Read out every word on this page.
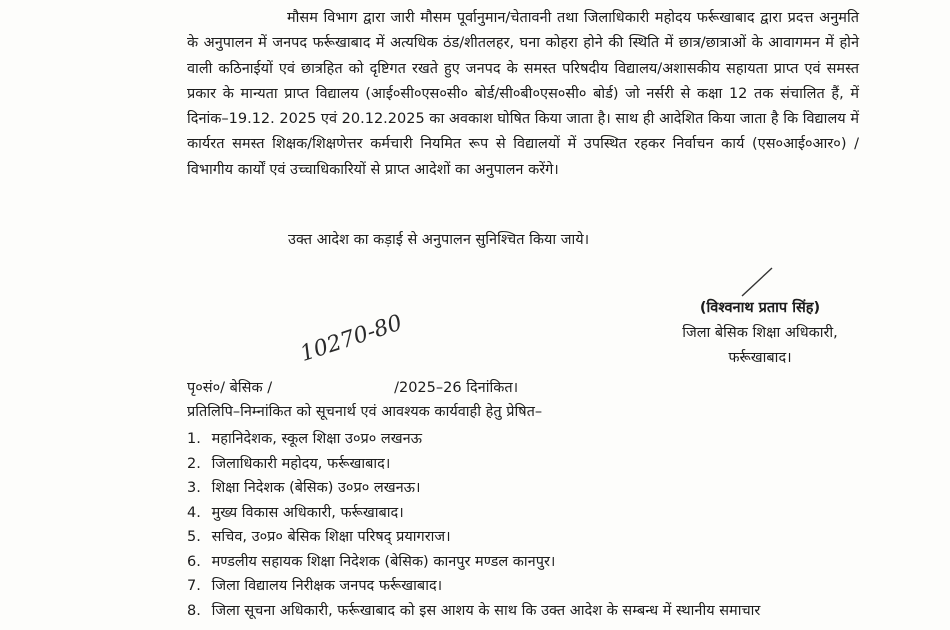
मौसम विभाग द्वारा जारी मौसम पूर्वानुमान/चेतावनी तथा जिलाधिकारी महोदय फर्रूखाबाद द्वारा प्रदत्त अनुमति के अनुपालन में जनपद फर्रूखाबाद में अत्यधिक ठंड/शीतलहर, घना कोहरा होने की स्थिति में छात्र/छात्राओं के आवागमन में होने वाली कठिनाईयों एवं छात्रहित को दृष्टिगत रखते हुए जनपद के समस्त परिषदीय विद्यालय/अशासकीय सहायता प्राप्त एवं समस्त प्रकार के मान्यता प्राप्त विद्यालय (आई०सी०एस०सी० बोर्ड/सी०बी०एस०सी० बोर्ड) जो नर्सरी से कक्षा 12 तक संचालित हैं, में दिनांक–19.12. 2025 एवं 20.12.2025 का अवकाश घोषित किया जाता है। साथ ही आदेशित किया जाता है कि विद्यालय में कार्यरत समस्त शिक्षक/शिक्षणेत्तर कर्मचारी नियमित रूप से विद्यालयों में उपस्थित रहकर निर्वाचन कार्य (एस०आई०आर०) / विभागीय कार्यों एवं उच्चाधिकारियों से प्राप्त आदेशों का अनुपालन करेंगे।

उक्त आदेश का कड़ाई से अनुपालन सुनिश्चित किया जाये।

(विश्वनाथ प्रताप सिंह)
जिला बेसिक शिक्षा अधिकारी,
फर्रूखाबाद।
पृ०सं०/ बेसिक /	/2025–26 दिनांकित।
10270-80
प्रतिलिपि–निम्नांकित को सूचनार्थ एवं आवश्यक कार्यवाही हेतु प्रेषित–
1. महानिदेशक, स्कूल शिक्षा उ०प्र० लखनऊ
2. जिलाधिकारी महोदय, फर्रूखाबाद।
3. शिक्षा निदेशक (बेसिक) उ०प्र० लखनऊ।
4. मुख्य विकास अधिकारी, फर्रूखाबाद।
5. सचिव, उ०प्र० बेसिक शिक्षा परिषद् प्रयागराज।
6. मण्डलीय सहायक शिक्षा निदेशक (बेसिक) कानपुर मण्डल कानपुर।
7. जिला विद्यालय निरीक्षक जनपद फर्रूखाबाद।
8. जिला सूचना अधिकारी, फर्रूखाबाद को इस आशय के साथ कि उक्त आदेश के सम्बन्ध में स्थानीय समाचार
